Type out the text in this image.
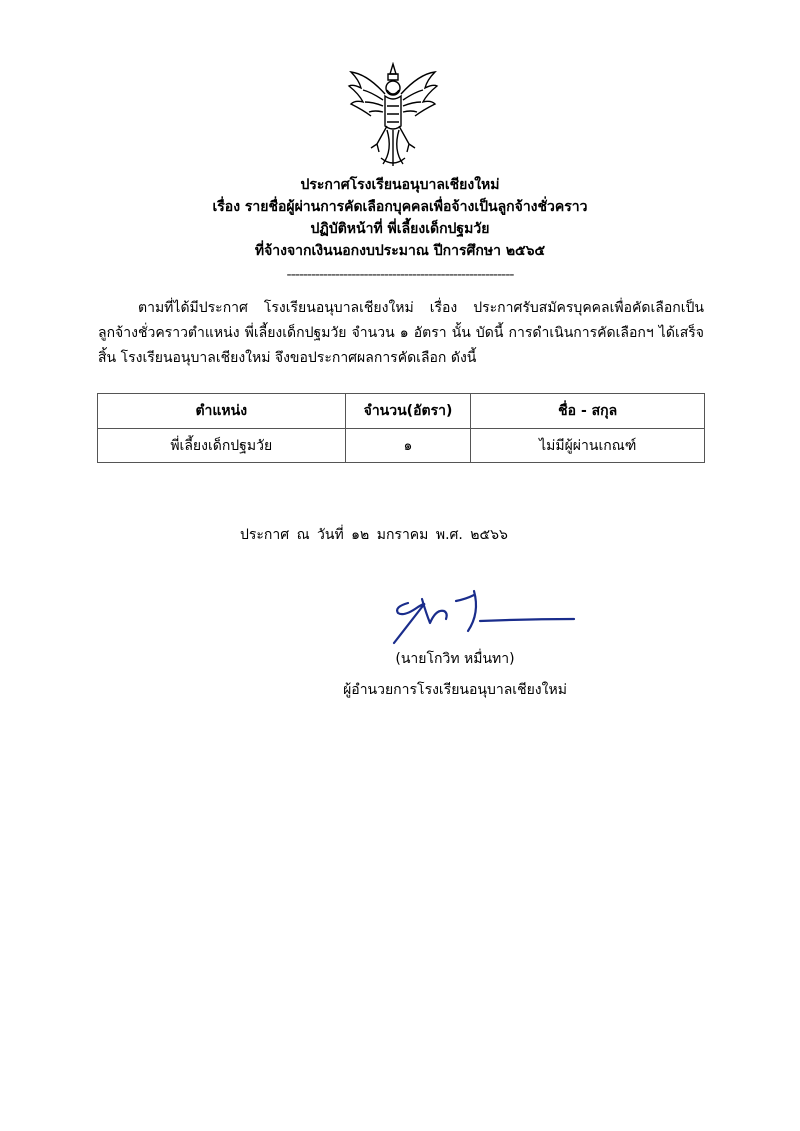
ประกาศโรงเรียนอนุบาลเชียงใหม่
เรื่อง รายชื่อผู้ผ่านการคัดเลือกบุคคลเพื่อจ้างเป็นลูกจ้างชั่วคราว
ปฏิบัติหน้าที่ พี่เลี้ยงเด็กปฐมวัย
ที่จ้างจากเงินนอกงบประมาณ ปีการศึกษา ๒๕๖๕
--------------------------------------------------------

ตามที่ได้มีประกาศ โรงเรียนอนุบาลเชียงใหม่ เรื่อง ประกาศรับสมัครบุคคลเพื่อคัดเลือกเป็นลูกจ้างชั่วคราวตำแหน่ง พี่เลี้ยงเด็กปฐมวัย จำนวน ๑ อัตรา นั้น บัดนี้ การดำเนินการคัดเลือกฯ ได้เสร็จสิ้น โรงเรียนอนุบาลเชียงใหม่ จึงขอประกาศผลการคัดเลือก ดังนี้

ตำแหน่ง	จำนวน(อัตรา)	ชื่อ - สกุล
พี่เลี้ยงเด็กปฐมวัย	๑	ไม่มีผู้ผ่านเกณฑ์
ประกาศ ณ วันที่ ๑๒ มกราคม พ.ศ. ๒๕๖๖
(นายโกวิท หมื่นทา)
ผู้อำนวยการโรงเรียนอนุบาลเชียงใหม่
